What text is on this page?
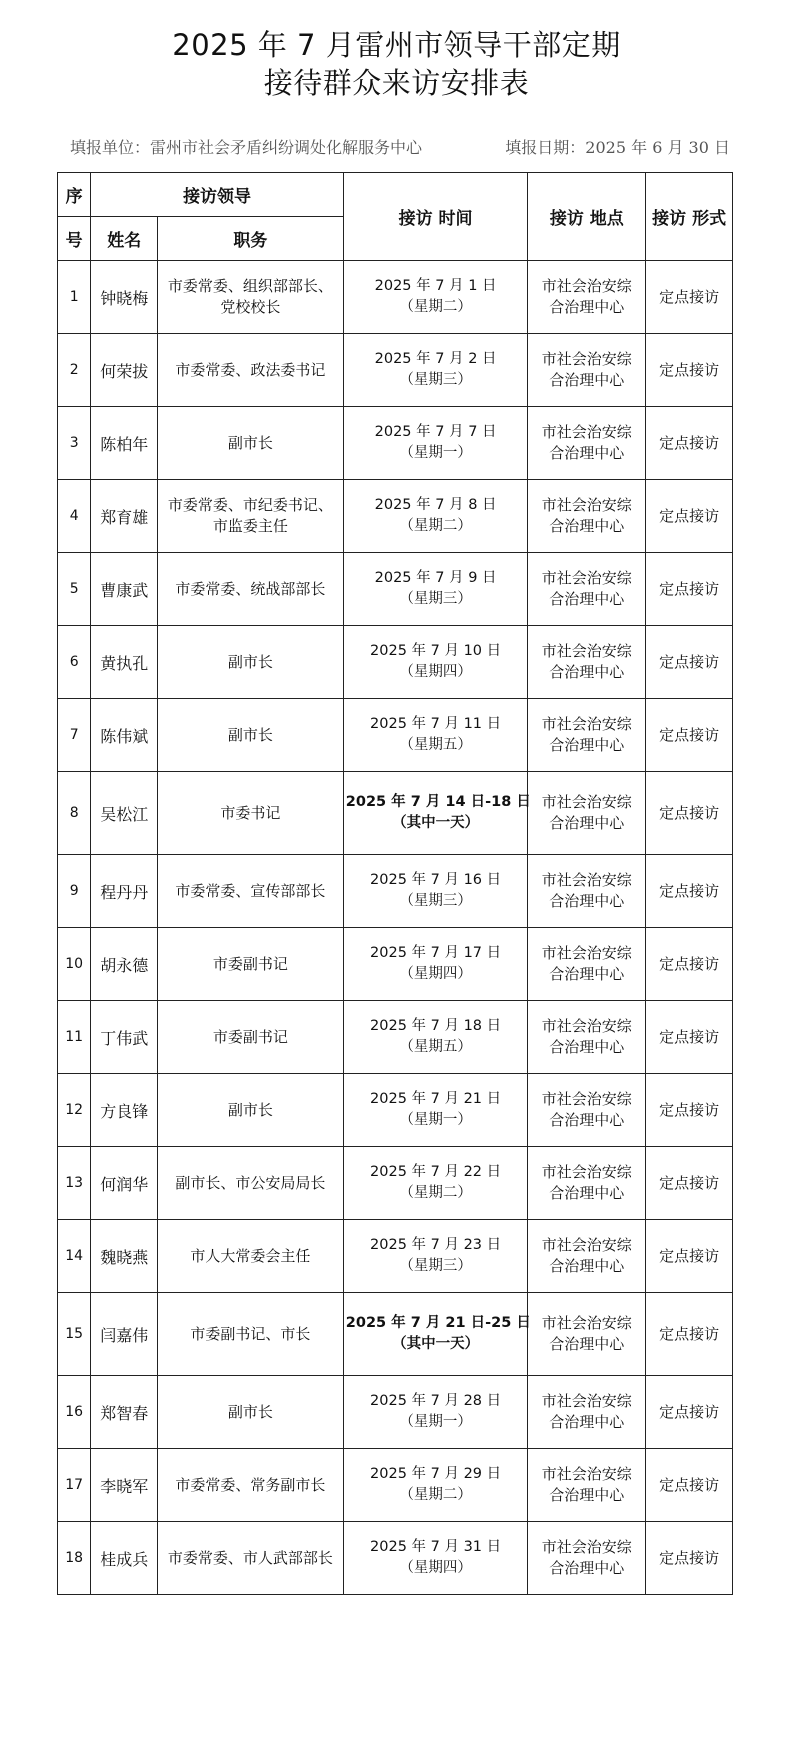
2025 年 7 月雷州市领导干部定期
接待群众来访安排表
填报单位：雷州市社会矛盾纠纷调处化解服务中心	填报日期：2025 年 6 月 30 日
序	接访领导		接访 时间	接访 地点	接访 形式
号	姓名	职务			
1	钟晓梅	市委常委、组织部部长、
党校校长	2025 年 7 月 1 日
（星期二）	市社会治安综
合治理中心	定点接访
2	何荣拔	市委常委、政法委书记	2025 年 7 月 2 日
（星期三）	市社会治安综
合治理中心	定点接访
3	陈柏年	副市长	2025 年 7 月 7 日
（星期一）	市社会治安综
合治理中心	定点接访
4	郑育雄	市委常委、市纪委书记、
市监委主任	2025 年 7 月 8 日
（星期二）	市社会治安综
合治理中心	定点接访
5	曹康武	市委常委、统战部部长	2025 年 7 月 9 日
（星期三）	市社会治安综
合治理中心	定点接访
6	黄执孔	副市长	2025 年 7 月 10 日
（星期四）	市社会治安综
合治理中心	定点接访
7	陈伟斌	副市长	2025 年 7 月 11 日
（星期五）	市社会治安综
合治理中心	定点接访
8	吴松江	市委书记	2025 年 7 月 14 日-18 日
（其中一天）	市社会治安综
合治理中心	定点接访
9	程丹丹	市委常委、宣传部部长	2025 年 7 月 16 日
（星期三）	市社会治安综
合治理中心	定点接访
10	胡永德	市委副书记	2025 年 7 月 17 日
（星期四）	市社会治安综
合治理中心	定点接访
11	丁伟武	市委副书记	2025 年 7 月 18 日
（星期五）	市社会治安综
合治理中心	定点接访
12	方良锋	副市长	2025 年 7 月 21 日
（星期一）	市社会治安综
合治理中心	定点接访
13	何润华	副市长、市公安局局长	2025 年 7 月 22 日
（星期二）	市社会治安综
合治理中心	定点接访
14	魏晓燕	市人大常委会主任	2025 年 7 月 23 日
（星期三）	市社会治安综
合治理中心	定点接访
15	闫嘉伟	市委副书记、市长	2025 年 7 月 21 日-25 日
（其中一天）	市社会治安综
合治理中心	定点接访
16	郑智春	副市长	2025 年 7 月 28 日
（星期一）	市社会治安综
合治理中心	定点接访
17	李晓军	市委常委、常务副市长	2025 年 7 月 29 日
（星期二）	市社会治安综
合治理中心	定点接访
18	桂成兵	市委常委、市人武部部长	2025 年 7 月 31 日
（星期四）	市社会治安综
合治理中心	定点接访
